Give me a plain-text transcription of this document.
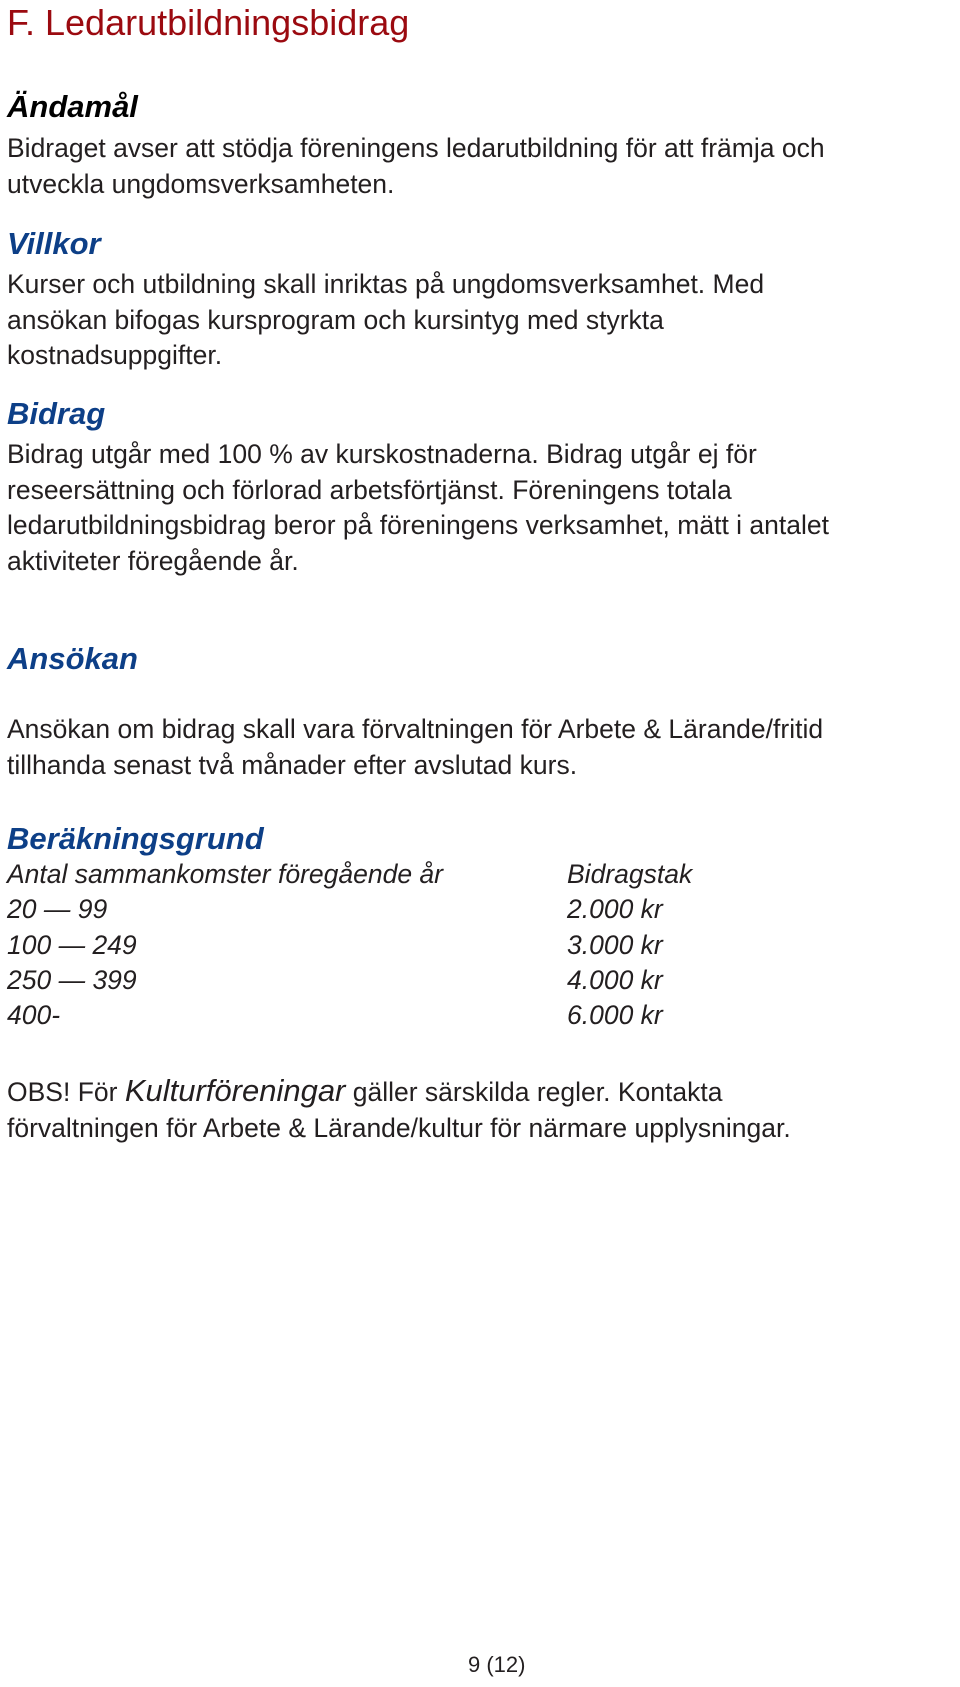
F. Ledarutbildningsbidrag
Ändamål
Bidraget avser att stödja föreningens ledarutbildning för att främja och
utveckla ungdomsverksamheten.
Villkor
Kurser och utbildning skall inriktas på ungdomsverksamhet. Med
ansökan bifogas kursprogram och kursintyg med styrkta
kostnadsuppgifter.
Bidrag
Bidrag utgår med 100 % av kurskostnaderna. Bidrag utgår ej för
reseersättning och förlorad arbetsförtjänst. Föreningens totala
ledarutbildningsbidrag beror på föreningens verksamhet, mätt i antalet
aktiviteter föregående år.
Ansökan
Ansökan om bidrag skall vara förvaltningen för Arbete & Lärande/fritid
tillhanda senast två månader efter avslutad kurs.
Beräkningsgrund
Antal sammankomster föregående år	Bidragstak
20 — 99	2.000 kr
100 — 249	3.000 kr
250 — 399	4.000 kr
400-	6.000 kr
OBS! För Kulturföreningar gäller särskilda regler. Kontakta
förvaltningen för Arbete & Lärande/kultur för närmare upplysningar.
9 (12)
